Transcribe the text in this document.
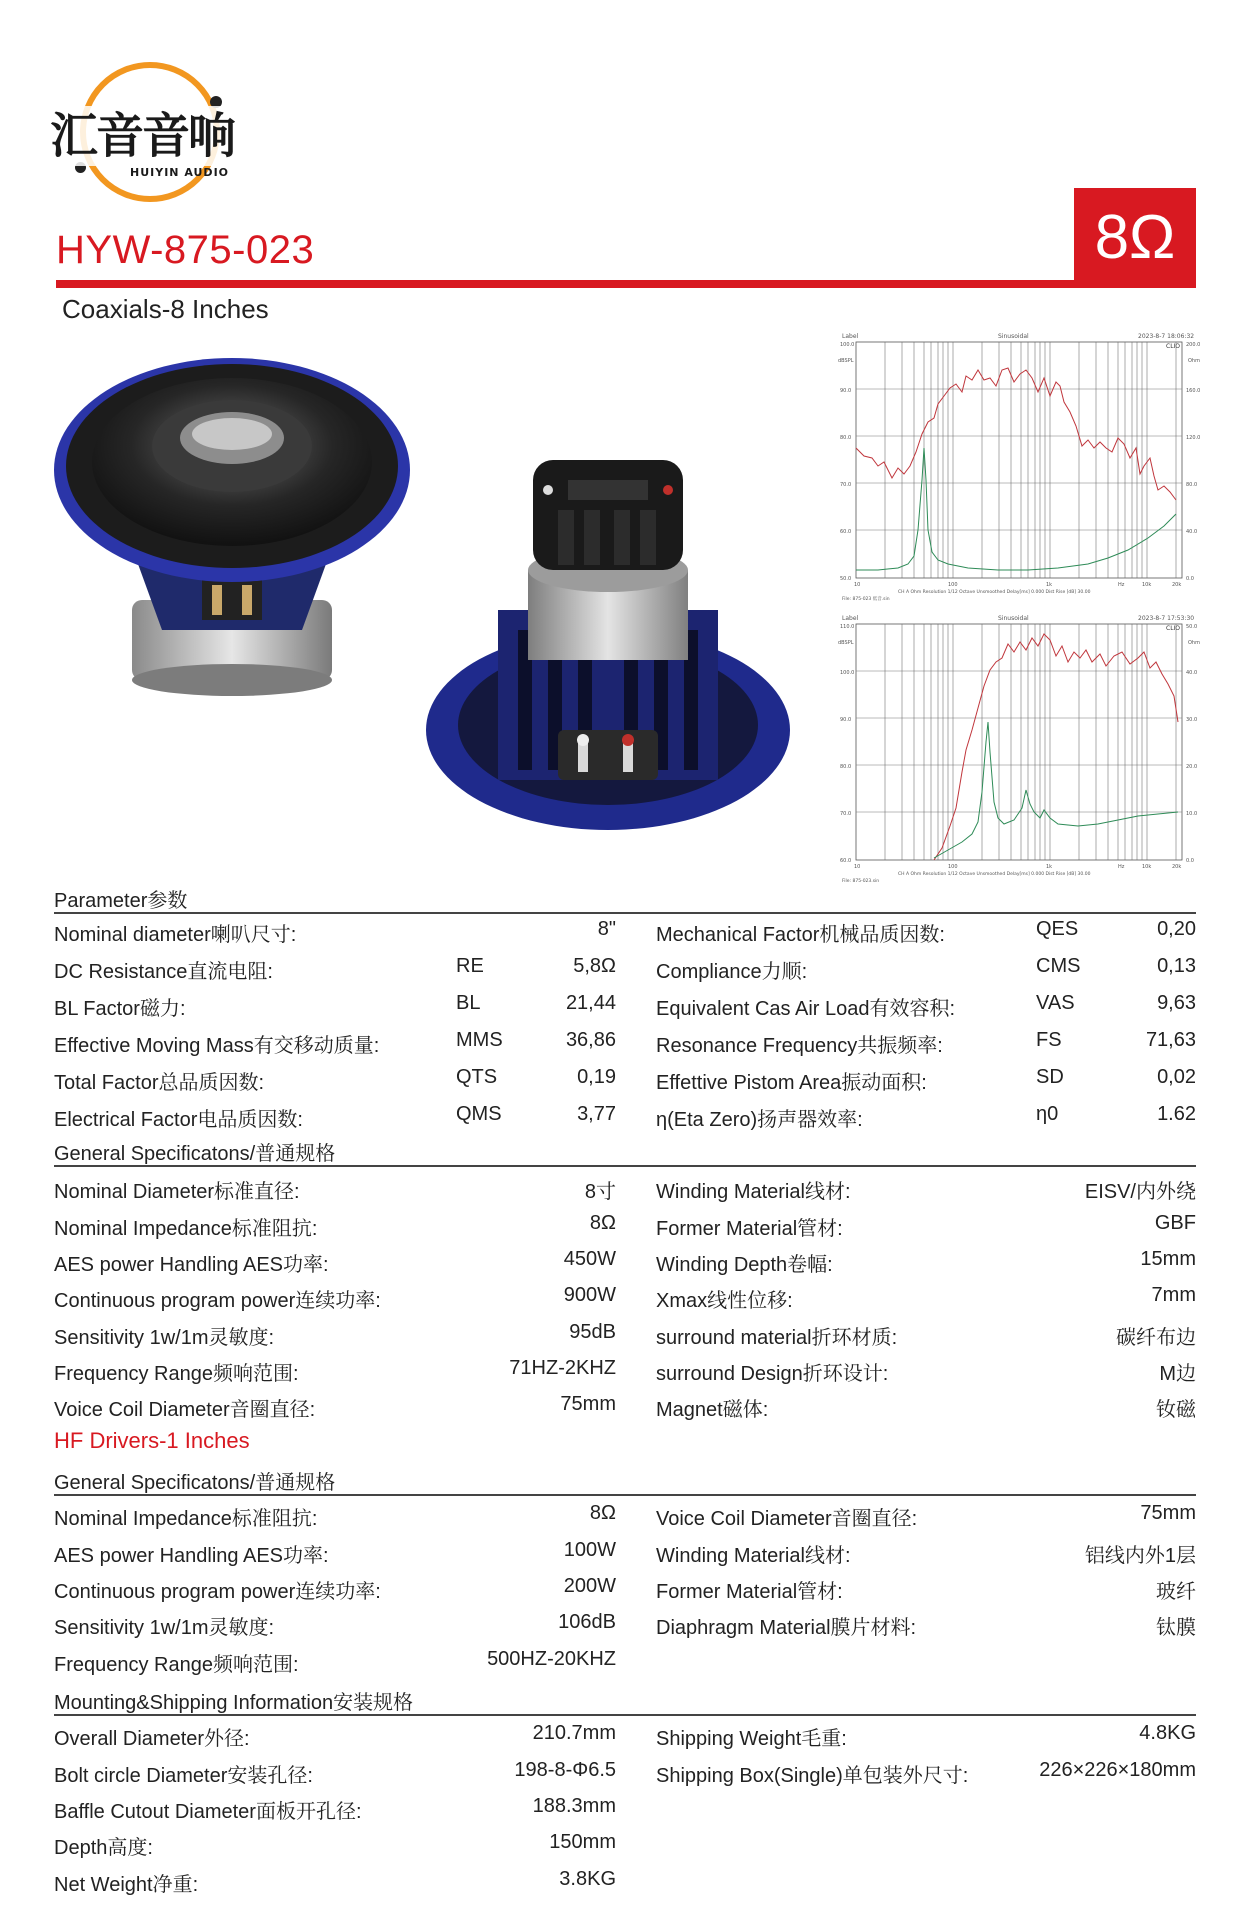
汇音音响
HUIYIN AUDIO
HYW-875-023	8Ω
Coaxials-8 Inches
Label	Sinusoidal	2023-8-7 18:06:32
CLIO
dBSPL	Ohm
100.0
90.0
80.0
70.0
60.0
50.0
200.0
160.0
120.0
80.0
40.0
0.0
10	100	1k	Hz	10k	20k
CH A Ohm Resolution 1/12 Octave Unsmoothed Delay[ms] 0.000 Dist Rise [dB] 30.00
File: 875-023 低音.sin
Label	Sinusoidal	2023-8-7 17:53:30
CLIO
dBSPL	Ohm
110.0
100.0
90.0
80.0
70.0
60.0
50.0
40.0
30.0
20.0
10.0
0.0
10	100	1k	Hz	10k	20k
CH A Ohm Resolution 1/12 Octave Unsmoothed Delay[ms] 0.000 Dist Rise [dB] 30.00
File: 875-023.sin
Parameter参数
Nominal diameter喇叭尺寸:	8"
DC Resistance直流电阻:	RE	5,8Ω
BL Factor磁力:	BL	21,44
Effective Moving Mass有交移动质量:	MMS	36,86
Total Factor总品质因数:	QTS	0,19
Electrical Factor电品质因数:	QMS	3,77
Mechanical Factor机械品质因数:	QES	0,20
Compliance力顺:	CMS	0,13
Equivalent Cas Air Load有效容积:	VAS	9,63
Resonance Frequency共振频率:	FS	71,63
Effettive Pistom Area振动面积:	SD	0,02
η(Eta Zero)扬声器效率:	η0	1.62
General Specificatons/普通规格
Nominal Diameter标准直径:	8寸
Nominal Impedance标准阻抗:	8Ω
AES power Handling AES功率:	450W
Continuous program power连续功率:	900W
Sensitivity 1w/1m灵敏度:	95dB
Frequency Range频响范围:	71HZ-2KHZ
Voice Coil Diameter音圈直径:	75mm
Winding Material线材:	EISV/内外绕
Former Material管材:	GBF
Winding Depth卷幅:	15mm
Xmax线性位移:	7mm
surround material折环材质:	碳纤布边
surround Design折环设计:	M边
Magnet磁体:	钕磁
HF Drivers-1 Inches
General Specificatons/普通规格
Nominal Impedance标准阻抗:	8Ω
AES power Handling AES功率:	100W
Continuous program power连续功率:	200W
Sensitivity 1w/1m灵敏度:	106dB
Frequency Range频响范围:	500HZ-20KHZ
Voice Coil Diameter音圈直径:	75mm
Winding Material线材:	铝线内外1层
Former Material管材:	玻纤
Diaphragm Material膜片材料:	钛膜
Mounting&Shipping Information安装规格
Overall Diameter外径:	210.7mm
Bolt circle Diameter安装孔径:	198-8-Φ6.5
Baffle Cutout Diameter面板开孔径:	188.3mm
Depth高度:	150mm
Net Weight净重:	3.8KG
Shipping Weight毛重:	4.8KG
Shipping Box(Single)单包装外尺寸:	226×226×180mm
